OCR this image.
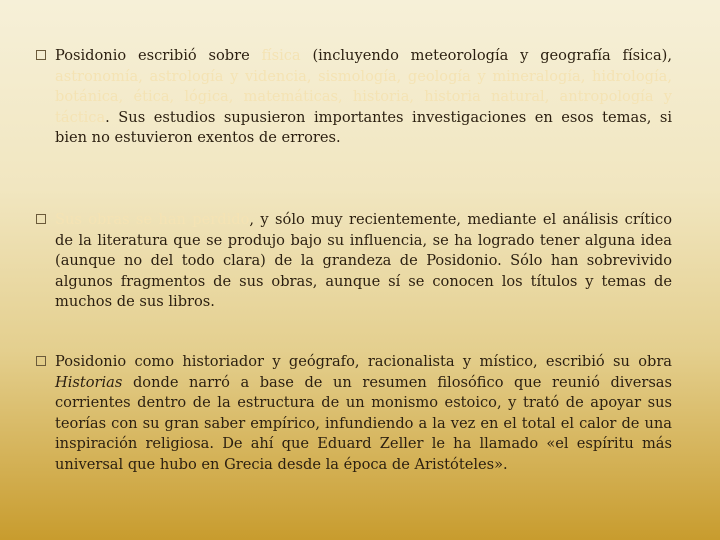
Posidonio escribió sobre física (incluyendo meteorología y geografía física), astronomía, astrología y videncia, sismología, geología y mineralogía, hidrología, botánica, ética, lógica, matemáticas, historia, historia natural, antropología y táctica. Sus estudios supusieron importantes investigaciones en esos temas, si bien no estuvieron exentos de errores.
Sus obras se han perdido, y sólo muy recientemente, mediante el análisis crítico de la literatura que se produjo bajo su influencia, se ha logrado tener alguna idea (aunque no del todo clara) de la grandeza de Posidonio. Sólo han sobrevivido algunos fragmentos de sus obras, aunque sí se conocen los títulos y temas de muchos de sus libros.
Posidonio como historiador y geógrafo, racionalista y místico, escribió su obra Historias donde narró a base de un resumen filosófico que reunió diversas corrientes dentro de la estructura de un monismo estoico, y trató de apoyar sus teorías con su gran saber empírico, infundiendo a la vez en el total el calor de una inspiración religiosa. De ahí que Eduard Zeller le ha llamado «el espíritu más universal que hubo en Grecia desde la época de Aristóteles».
